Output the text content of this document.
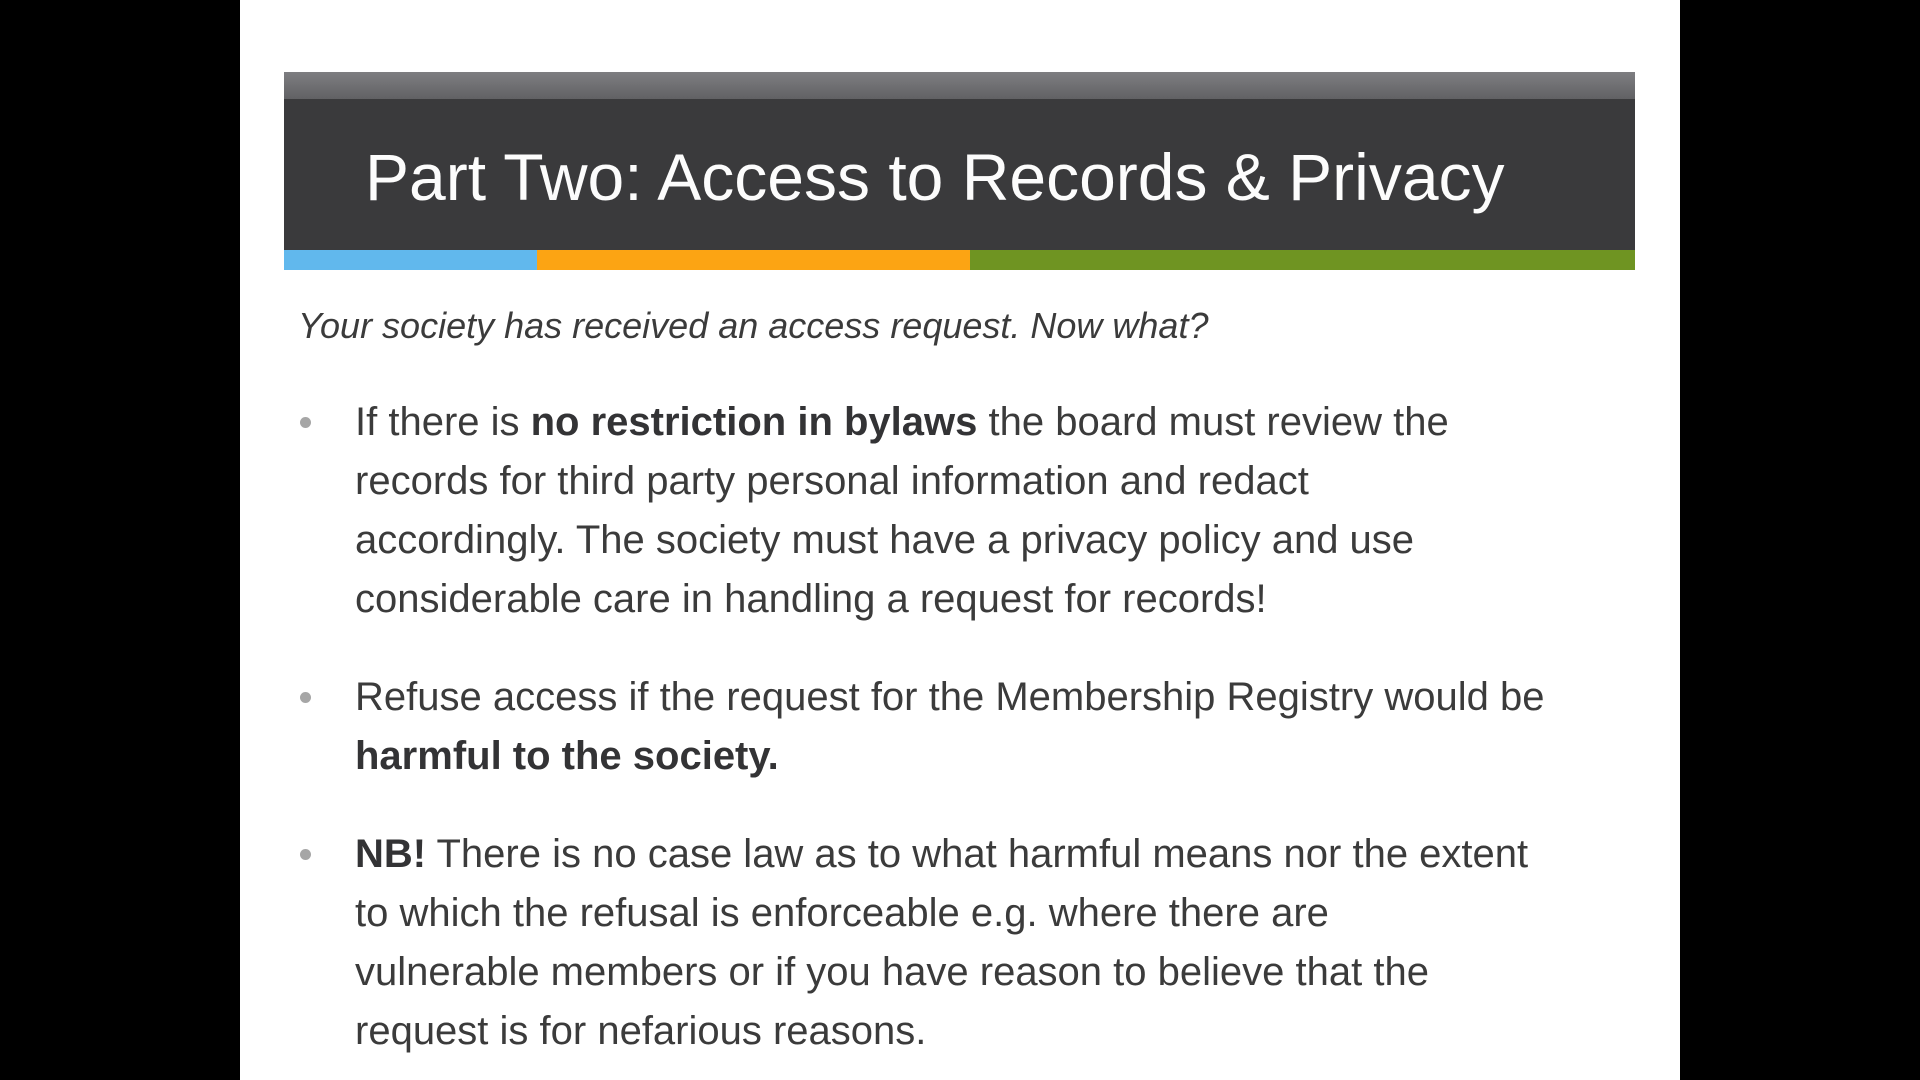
Part Two: Access to Records & Privacy
Your society has received an access request. Now what?
If there is no restriction in bylaws the board must review the
records for third party personal information and redact
accordingly. The society must have a privacy policy and use
considerable care in handling a request for records!
Refuse access if the request for the Membership Registry would be
harmful to the society.
NB! There is no case law as to what harmful means nor the extent
to which the refusal is enforceable e.g. where there are
vulnerable members or if you have reason to believe that the
request is for nefarious reasons.
